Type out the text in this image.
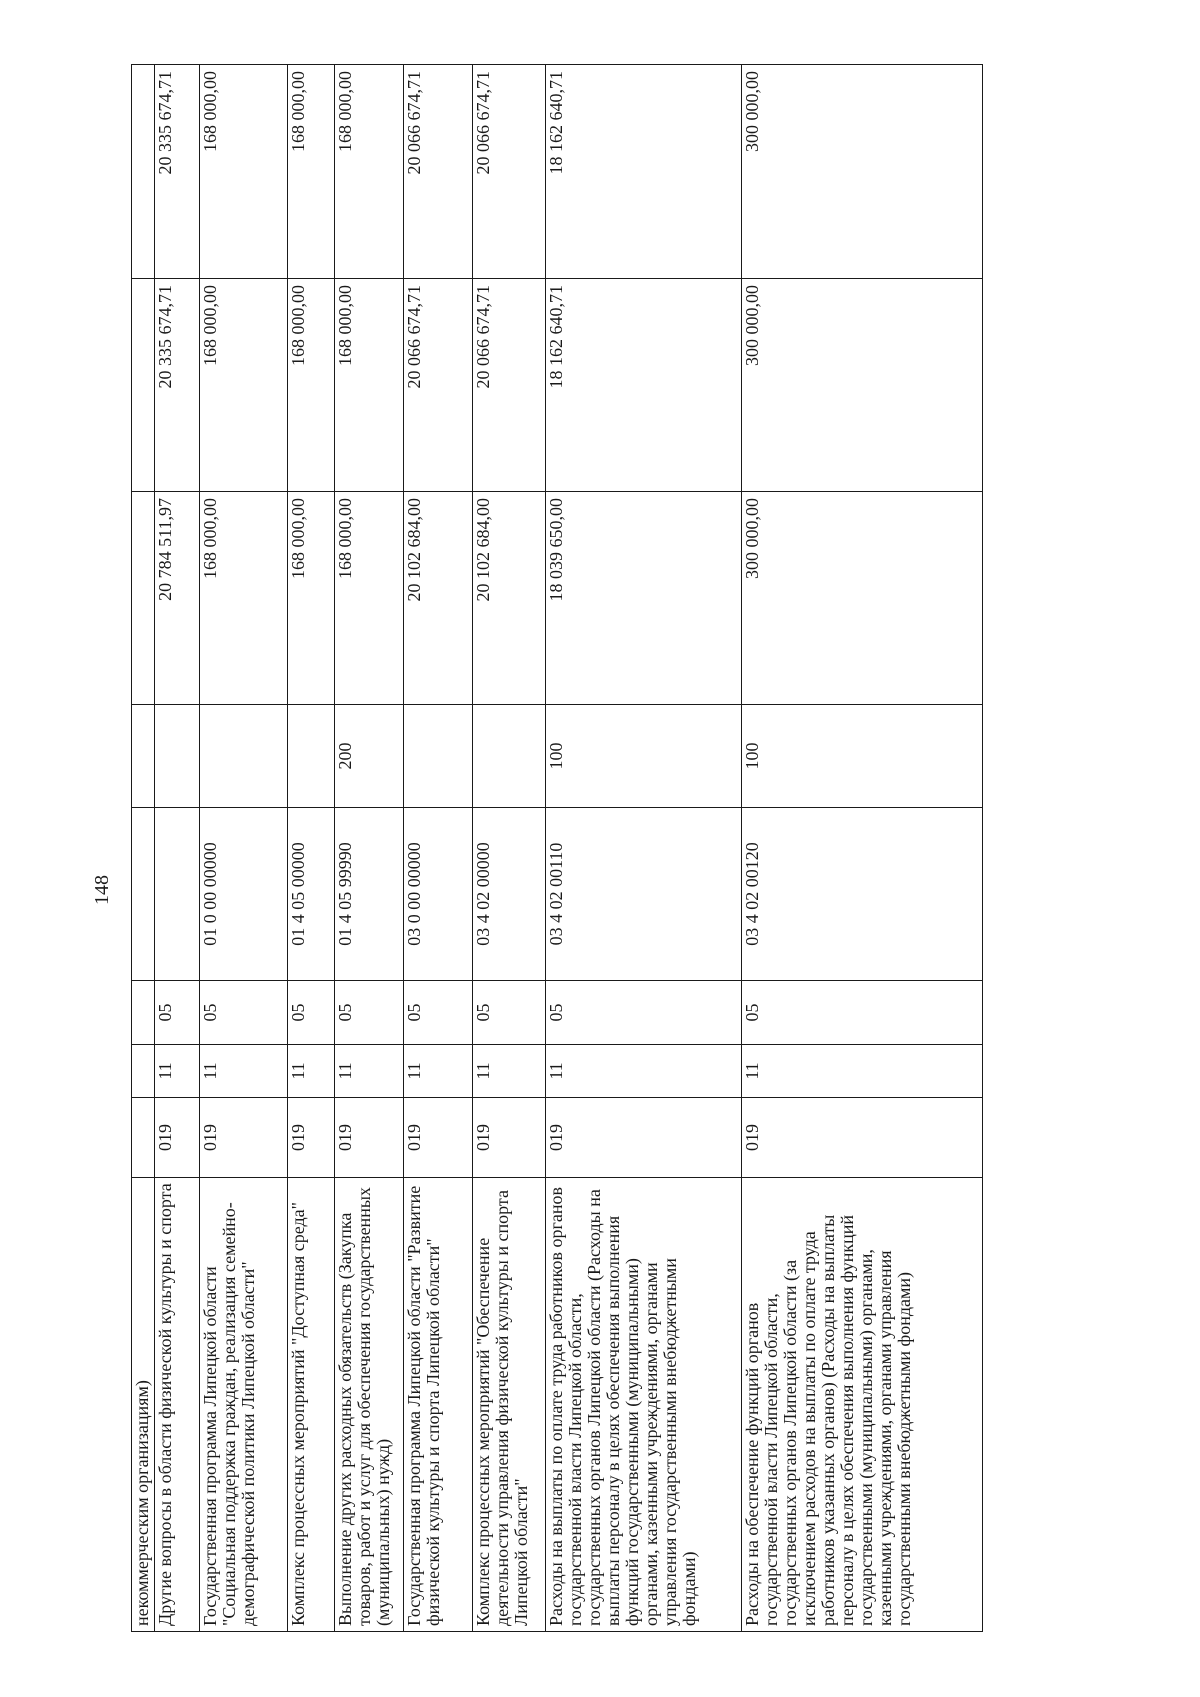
148
некоммерческим организациям)								
Другие вопросы в области физической культуры и спорта	019	11	05			20 784 511,97	20 335 674,71	20 335 674,71
Государственная программа Липецкой области "Социальная поддержка граждан, реализация семейно-демографической политики Липецкой области"	019	11	05	01 0 00 00000		168 000,00	168 000,00	168 000,00
Комплекс процессных мероприятий "Доступная среда"	019	11	05	01 4 05 00000		168 000,00	168 000,00	168 000,00
Выполнение других расходных обязательств (Закупка товаров, работ и услуг для обеспечения государственных (муниципальных) нужд)	019	11	05	01 4 05 99990	200	168 000,00	168 000,00	168 000,00
Государственная программа Липецкой области "Развитие физической культуры и спорта Липецкой области"	019	11	05	03 0 00 00000		20 102 684,00	20 066 674,71	20 066 674,71
Комплекс процессных мероприятий "Обеспечение деятельности управления физической культуры и спорта Липецкой области"	019	11	05	03 4 02 00000		20 102 684,00	20 066 674,71	20 066 674,71
Расходы на выплаты по оплате труда работников органов государственной власти Липецкой области, государственных органов Липецкой области (Расходы на выплаты персоналу в целях обеспечения выполнения функций государственными (муниципальными) органами, казенными учреждениями, органами управления государственными внебюджетными фондами)	019	11	05	03 4 02 00110	100	18 039 650,00	18 162 640,71	18 162 640,71
Расходы на обеспечение функций органов государственной власти Липецкой области, государственных органов Липецкой области (за исключением расходов на выплаты по оплате труда работников указанных органов) (Расходы на выплаты персоналу в целях обеспечения выполнения функций государственными (муниципальными) органами, казенными учреждениями, органами управления государственными внебюджетными фондами)	019	11	05	03 4 02 00120	100	300 000,00	300 000,00	300 000,00
